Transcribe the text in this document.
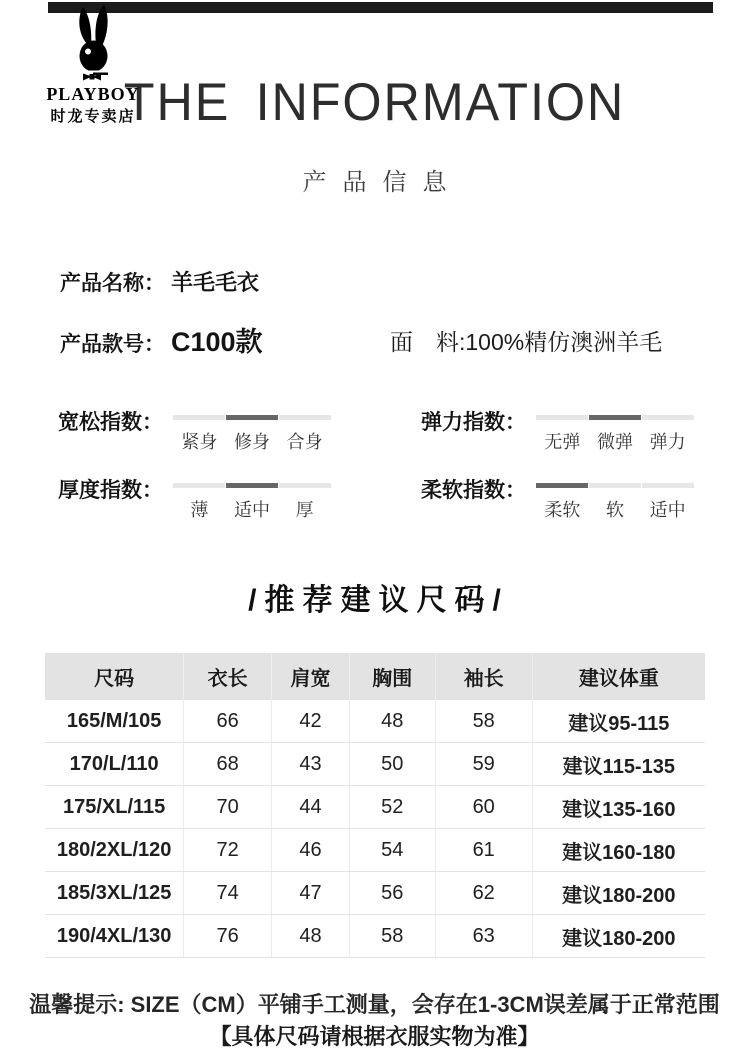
PLAYBOY
时龙专卖店
THE INFORMATION
产品信息
产品名称： 羊毛毛衣
产品款号： C100款	面　料:100%精仿澳洲羊毛
宽松指数：
紧身 修身 合身
厚度指数：
薄	适中	厚
弹力指数：
无弹 微弹 弹力
柔软指数：
柔软	软	适中
/推荐建议尺码/
尺码	衣长	肩宽	胸围	袖长	建议体重
165/M/105	66	42	48	58	建议95-115
170/L/110	68	43	50	59	建议115-135
175/XL/115	70	44	52	60	建议135-160
180/2XL/120	72	46	54	61	建议160-180
185/3XL/125	74	47	56	62	建议180-200
190/4XL/130	76	48	58	63	建议180-200
温馨提示: SIZE（CM）平铺手工测量，会存在1-3CM误差属于正常范围
【具体尺码请根据衣服实物为准】
